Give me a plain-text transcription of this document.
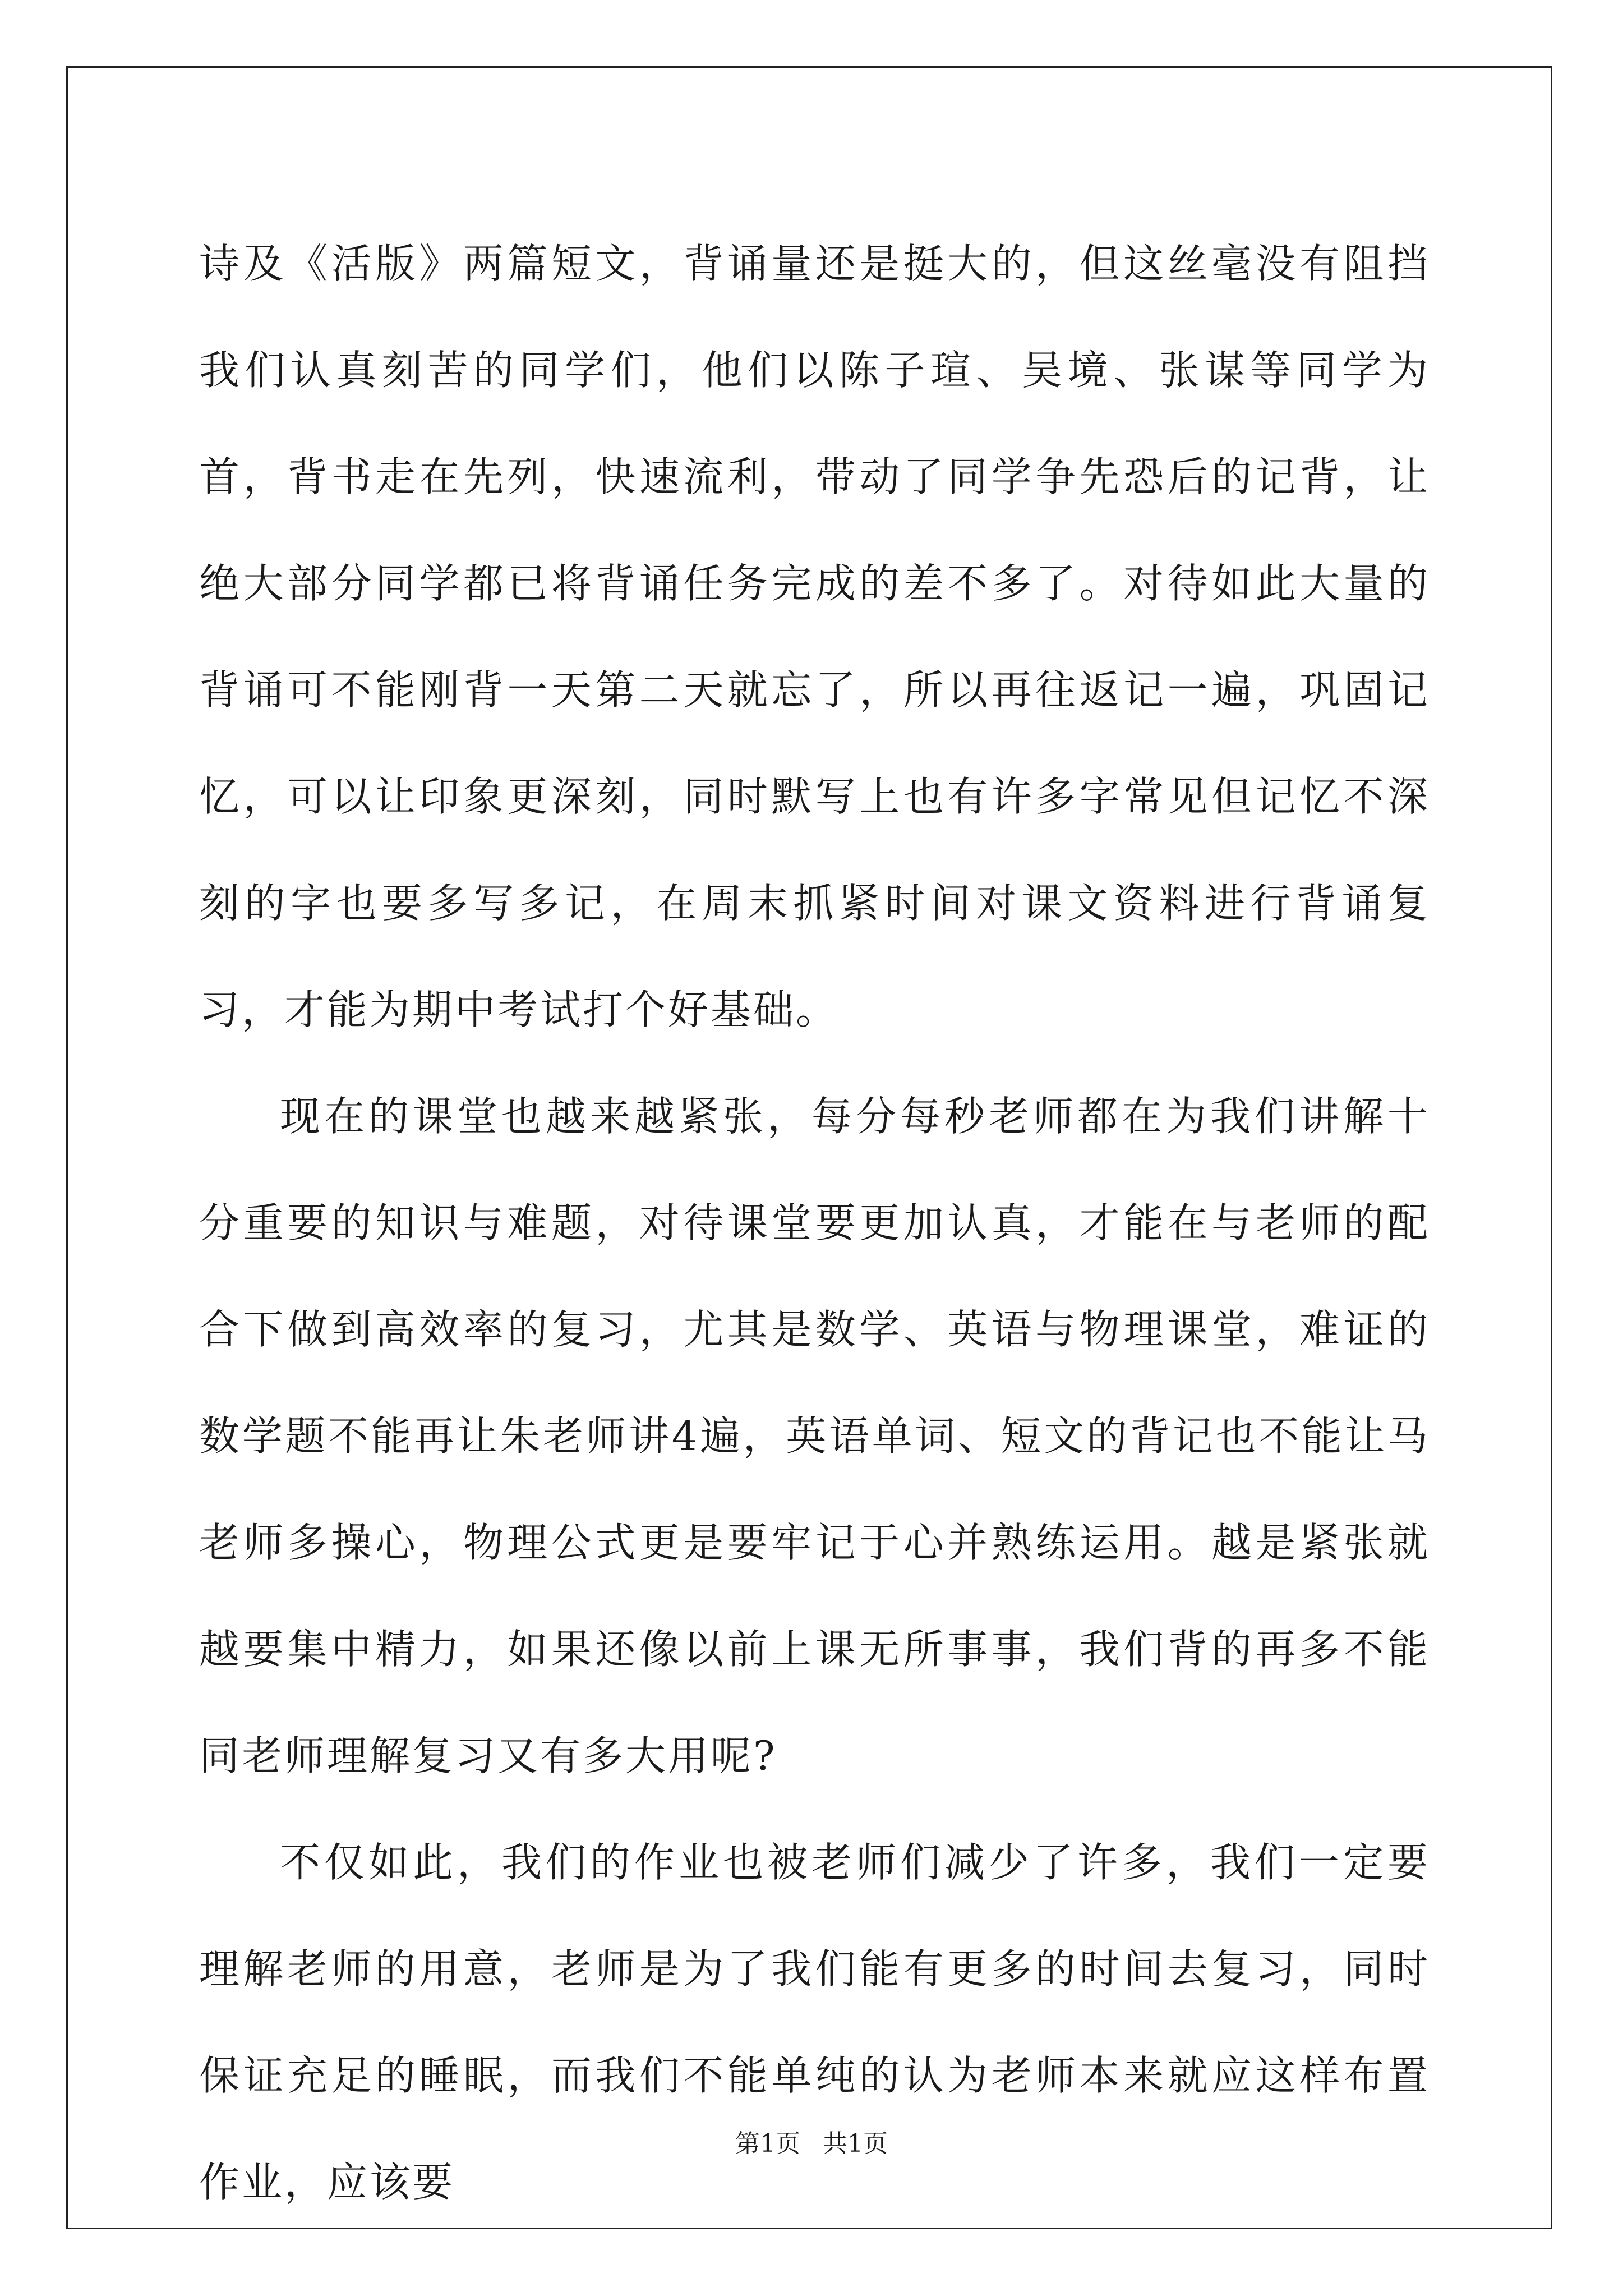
诗及《活版》两篇短文，背诵量还是挺大的，但这丝毫没有阻挡我们认真刻苦的同学们，他们以陈子瑄、吴境、张谋等同学为首，背书走在先列，快速流利，带动了同学争先恐后的记背，让绝大部分同学都已将背诵任务完成的差不多了。对待如此大量的背诵可不能刚背一天第二天就忘了，所以再往返记一遍，巩固记忆，可以让印象更深刻，同时默写上也有许多字常见但记忆不深刻的字也要多写多记，在周末抓紧时间对课文资料进行背诵复习，才能为期中考试打个好基础。

现在的课堂也越来越紧张，每分每秒老师都在为我们讲解十分重要的知识与难题，对待课堂要更加认真，才能在与老师的配合下做到高效率的复习，尤其是数学、英语与物理课堂，难证的数学题不能再让朱老师讲4遍，英语单词、短文的背记也不能让马老师多操心，物理公式更是要牢记于心并熟练运用。越是紧张就越要集中精力，如果还像以前上课无所事事，我们背的再多不能同老师理解复习又有多大用呢?

不仅如此，我们的作业也被老师们减少了许多，我们一定要理解老师的用意，老师是为了我们能有更多的时间去复习，同时保证充足的睡眠，而我们不能单纯的认为老师本来就应这样布置作业，应该要

第1页 共1页
